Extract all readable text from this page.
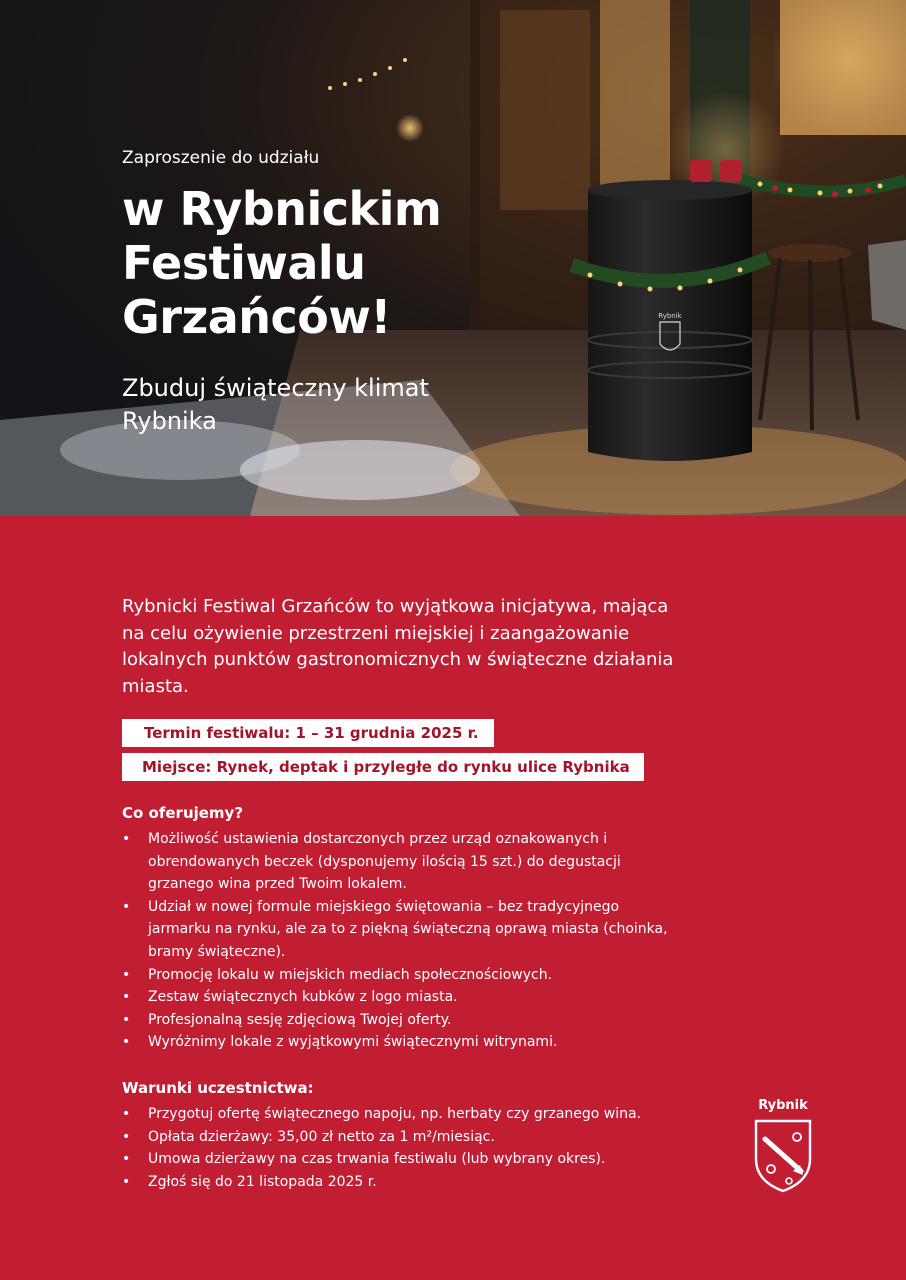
Rybnik

Zaproszenie do udziału

w Rybnickim
Festiwalu
Grzańców!

Zbuduj świąteczny klimat Rybnika

Rybnicki Festiwal Grzańców to wyjątkowa inicjatywa, mająca na celu ożywienie przestrzeni miejskiej i zaangażowanie lokalnych punktów gastronomicznych w świąteczne działania miasta.

Termin festiwalu: 1 – 31 grudnia 2025 r.
Miejsce: Rynek, deptak i przyległe do rynku ulice Rybnika
Co oferujemy?
• Możliwość ustawienia dostarczonych przez urząd oznakowanych i obrendowanych beczek (dysponujemy ilością 15 szt.) do degustacji grzanego wina przed Twoim lokalem.
• Udział w nowej formule miejskiego świętowania – bez tradycyjnego jarmarku na rynku, ale za to z piękną świąteczną oprawą miasta (choinka, bramy świąteczne).
• Promocję lokalu w miejskich mediach społecznościowych.
• Zestaw świątecznych kubków z logo miasta.
• Profesjonalną sesję zdjęciową Twojej oferty.
• Wyróżnimy lokale z wyjątkowymi świątecznymi witrynami.
Warunki uczestnictwa:
• Przygotuj ofertę świątecznego napoju, np. herbaty czy grzanego wina.
• Opłata dzierżawy: 35,00 zł netto za 1 m²/miesiąc.
• Umowa dzierżawy na czas trwania festiwalu (lub wybrany okres).
• Zgłoś się do 21 listopada 2025 r.
Rybnik
